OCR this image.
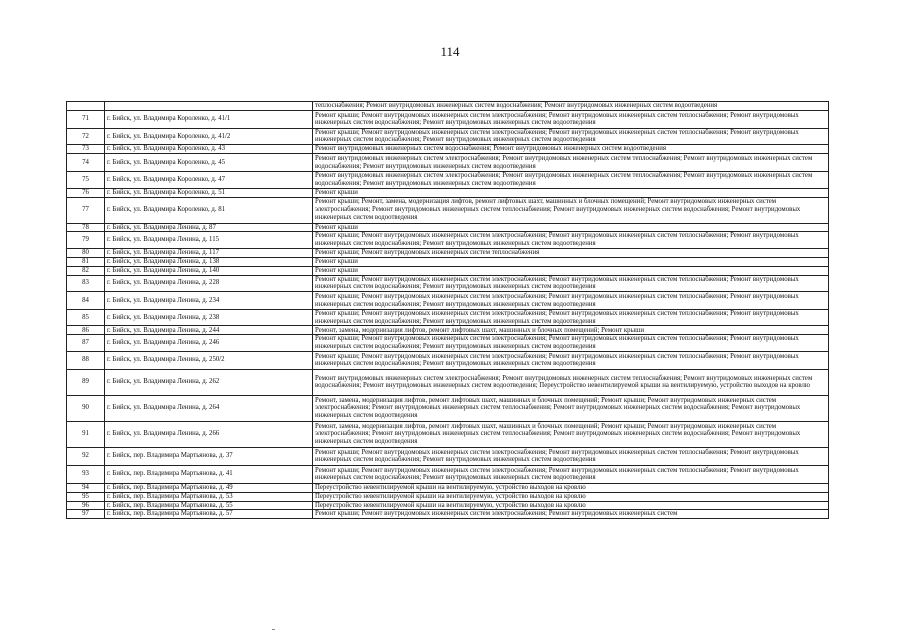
114
		теплоснабжения; Ремонт внутридомовых инженерных систем водоснабжения; Ремонт внутридомовых инженерных систем водоотведения
71	г. Бийск, ул. Владимира Короленко, д. 41/1	Ремонт крыши; Ремонт внутридомовых инженерных систем электроснабжения; Ремонт внутридомовых инженерных систем теплоснабжения; Ремонт внутридомовых инженерных систем водоснабжения; Ремонт внутридомовых инженерных систем водоотведения
72	г. Бийск, ул. Владимира Короленко, д. 41/2	Ремонт крыши; Ремонт внутридомовых инженерных систем электроснабжения; Ремонт внутридомовых инженерных систем теплоснабжения; Ремонт внутридомовых инженерных систем водоснабжения; Ремонт внутридомовых инженерных систем водоотведения
73	г. Бийск, ул. Владимира Короленко, д. 43	Ремонт внутридомовых инженерных систем водоснабжения; Ремонт внутридомовых инженерных систем водоотведения
74	г. Бийск, ул. Владимира Короленко, д. 45	Ремонт внутридомовых инженерных систем электроснабжения; Ремонт внутридомовых инженерных систем теплоснабжения; Ремонт внутридомовых инженерных систем водоснабжения; Ремонт внутридомовых инженерных систем водоотведения
75	г. Бийск, ул. Владимира Короленко, д. 47	Ремонт внутридомовых инженерных систем электроснабжения; Ремонт внутридомовых инженерных систем теплоснабжения; Ремонт внутридомовых инженерных систем водоснабжения; Ремонт внутридомовых инженерных систем водоотведения
76	г. Бийск, ул. Владимира Короленко, д. 51	Ремонт крыши
77	г. Бийск, ул. Владимира Короленко, д. 81	Ремонт крыши; Ремонт, замена, модернизация лифтов, ремонт лифтовых шахт, машинных и блочных помещений; Ремонт внутридомовых инженерных систем электроснабжения; Ремонт внутридомовых инженерных систем теплоснабжения; Ремонт внутридомовых инженерных систем водоснабжения; Ремонт внутридомовых инженерных систем водоотведения
78	г. Бийск, ул. Владимира Ленина, д. 87	Ремонт крыши
79	г. Бийск, ул. Владимира Ленина, д. 115	Ремонт крыши; Ремонт внутридомовых инженерных систем электроснабжения; Ремонт внутридомовых инженерных систем теплоснабжения; Ремонт внутридомовых инженерных систем водоснабжения; Ремонт внутридомовых инженерных систем водоотведения
80	г. Бийск, ул. Владимира Ленина, д. 117	Ремонт крыши; Ремонт внутридомовых инженерных систем теплоснабжения
81	г. Бийск, ул. Владимира Ленина, д. 138	Ремонт крыши
82	г. Бийск, ул. Владимира Ленина, д. 140	Ремонт крыши
83	г. Бийск, ул. Владимира Ленина, д. 228	Ремонт крыши; Ремонт внутридомовых инженерных систем электроснабжения; Ремонт внутридомовых инженерных систем теплоснабжения; Ремонт внутридомовых инженерных систем водоснабжения; Ремонт внутридомовых инженерных систем водоотведения
84	г. Бийск, ул. Владимира Ленина, д. 234	Ремонт крыши; Ремонт внутридомовых инженерных систем электроснабжения; Ремонт внутридомовых инженерных систем теплоснабжения; Ремонт внутридомовых инженерных систем водоснабжения; Ремонт внутридомовых инженерных систем водоотведения
85	г. Бийск, ул. Владимира Ленина, д. 238	Ремонт крыши; Ремонт внутридомовых инженерных систем электроснабжения; Ремонт внутридомовых инженерных систем теплоснабжения; Ремонт внутридомовых инженерных систем водоснабжения; Ремонт внутридомовых инженерных систем водоотведения
86	г. Бийск, ул. Владимира Ленина, д. 244	Ремонт, замена, модернизация лифтов, ремонт лифтовых шахт, машинных и блочных помещений; Ремонт крыши
87	г. Бийск, ул. Владимира Ленина, д. 246	Ремонт крыши; Ремонт внутридомовых инженерных систем электроснабжения; Ремонт внутридомовых инженерных систем теплоснабжения; Ремонт внутридомовых инженерных систем водоснабжения; Ремонт внутридомовых инженерных систем водоотведения
88	г. Бийск, ул. Владимира Ленина, д. 250/2	Ремонт крыши; Ремонт внутридомовых инженерных систем электроснабжения; Ремонт внутридомовых инженерных систем теплоснабжения; Ремонт внутридомовых инженерных систем водоснабжения; Ремонт внутридомовых инженерных систем водоотведения
89	г. Бийск, ул. Владимира Ленина, д. 262	Ремонт внутридомовых инженерных систем электроснабжения; Ремонт внутридомовых инженерных систем теплоснабжения; Ремонт внутридомовых инженерных систем водоснабжения; Ремонт внутридомовых инженерных систем водоотведения; Переустройство невентилируемой крыши на вентилируемую, устройство выходов на кровлю
90	г. Бийск, ул. Владимира Ленина, д. 264	Ремонт, замена, модернизация лифтов, ремонт лифтовых шахт, машинных и блочных помещений; Ремонт крыши; Ремонт внутридомовых инженерных систем электроснабжения; Ремонт внутридомовых инженерных систем теплоснабжения; Ремонт внутридомовых инженерных систем водоснабжения; Ремонт внутридомовых инженерных систем водоотведения
91	г. Бийск, ул. Владимира Ленина, д. 266	Ремонт, замена, модернизация лифтов, ремонт лифтовых шахт, машинных и блочных помещений; Ремонт крыши; Ремонт внутридомовых инженерных систем электроснабжения; Ремонт внутридомовых инженерных систем теплоснабжения; Ремонт внутридомовых инженерных систем водоснабжения; Ремонт внутридомовых инженерных систем водоотведения
92	г. Бийск, пер. Владимира Мартьянова, д. 37	Ремонт крыши; Ремонт внутридомовых инженерных систем электроснабжения; Ремонт внутридомовых инженерных систем теплоснабжения; Ремонт внутридомовых инженерных систем водоснабжения; Ремонт внутридомовых инженерных систем водоотведения
93	г. Бийск, пер. Владимира Мартьянова, д. 41	Ремонт крыши; Ремонт внутридомовых инженерных систем электроснабжения; Ремонт внутридомовых инженерных систем теплоснабжения; Ремонт внутридомовых инженерных систем водоснабжения; Ремонт внутридомовых инженерных систем водоотведения
94	г. Бийск, пер. Владимира Мартьянова, д. 49	Переустройство невентилируемой крыши на вентилируемую, устройство выходов на кровлю
95	г. Бийск, пер. Владимира Мартьянова, д. 53	Переустройство невентилируемой крыши на вентилируемую, устройство выходов на кровлю
96	г. Бийск, пер. Владимира Мартьянова, д. 55	Переустройство невентилируемой крыши на вентилируемую, устройство выходов на кровлю
97	г. Бийск, пер. Владимира Мартьянова, д. 57	Ремонт крыши; Ремонт внутридомовых инженерных систем электроснабжения; Ремонт внутридомовых инженерных систем
